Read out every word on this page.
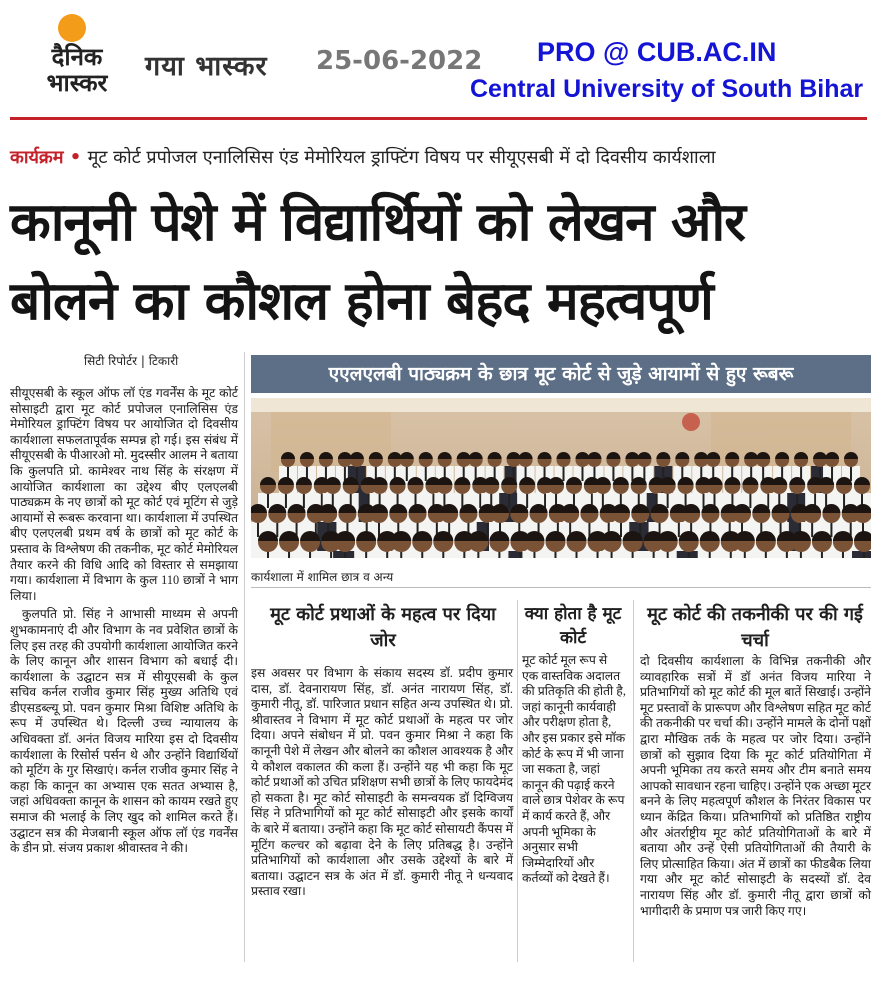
दैनिक
भास्कर
गया भास्कर 25-06-2022 PRO @ CUB.AC.IN
Central University of South Bihar
कार्यक्रम • मूट कोर्ट प्रपोजल एनालिसिस एंड मेमोरियल ड्राफ्टिंग विषय पर सीयूएसबी में दो दिवसीय कार्यशाला
कानूनी पेशे में विद्यार्थियों को लेखन और
बोलने का कौशल होना बेहद महत्वपूर्ण
सिटी रिपोर्टर | टिकारी

सीयूएसबी के स्कूल ऑफ लॉ एंड गवर्नेंस के मूट कोर्ट सोसाइटी द्वारा मूट कोर्ट प्रपोजल एनालिसिस एंड मेमोरियल ड्राफ्टिंग विषय पर आयोजित दो दिवसीय कार्यशाला सफलतापूर्वक सम्पन्न हो गई। इस संबंध में सीयूएसबी के पीआरओ मो. मुदस्सीर आलम ने बताया कि कुलपति प्रो. कामेश्वर नाथ सिंह के संरक्षण में आयोजित कार्यशाला का उद्देश्य बीए एलएलबी पाठ्यक्रम के नए छात्रों को मूट कोर्ट एवं मूटिंग से जुड़े आयामों से रूबरू करवाना था। कार्यशाला में उपस्थित बीए एलएलबी प्रथम वर्ष के छात्रों को मूट कोर्ट के प्रस्ताव के विश्लेषण की तकनीक, मूट कोर्ट मेमोरियल तैयार करने की विधि आदि को विस्तार से समझाया गया। कार्यशाला में विभाग के कुल 110 छात्रों ने भाग लिया।

कुलपति प्रो. सिंह ने आभासी माध्यम से अपनी शुभकामनाएं दी और विभाग के नव प्रवेशित छात्रों के लिए इस तरह की उपयोगी कार्यशाला आयोजित करने के लिए कानून और शासन विभाग को बधाई दी। कार्यशाला के उद्घाटन सत्र में सीयूएसबी के कुल सचिव कर्नल राजीव कुमार सिंह मुख्य अतिथि एवं डीएसडब्ल्यू प्रो. पवन कुमार मिश्रा विशिष्ट अतिथि के रूप में उपस्थित थे। दिल्ली उच्च न्यायालय के अधिवक्ता डॉ. अनंत विजय मारिया इस दो दिवसीय कार्यशाला के रिसोर्स पर्सन थे और उन्होंने विद्यार्थियों को मूटिंग के गुर सिखाएं। कर्नल राजीव कुमार सिंह ने कहा कि कानून का अभ्यास एक सतत अभ्यास है, जहां अधिवक्ता कानून के शासन को कायम रखते हुए समाज की भलाई के लिए खुद को शामिल करते हैं। उद्घाटन सत्र की मेजबानी स्कूल ऑफ लॉ एंड गवर्नेंस के डीन प्रो. संजय प्रकाश श्रीवास्तव ने की।

एएलएलबी पाठ्यक्रम के छात्र मूट कोर्ट से जुड़े आयामों से हुए रूबरू
कार्यशाला में शामिल छात्र व अन्य
मूट कोर्ट प्रथाओं के महत्व पर दिया जोर
क्या होता है मूट कोर्ट
मूट कोर्ट की तकनीकी पर की गई चर्चा

इस अवसर पर विभाग के संकाय सदस्य डॉ. प्रदीप कुमार दास, डॉ. देवनारायण सिंह, डॉ. अनंत नारायण सिंह, डॉ. कुमारी नीतू, डॉ. पारिजात प्रधान सहित अन्य उपस्थित थे। प्रो. श्रीवास्तव ने विभाग में मूट कोर्ट प्रथाओं के महत्व पर जोर दिया। अपने संबोधन में प्रो. पवन कुमार मिश्रा ने कहा कि कानूनी पेशे में लेखन और बोलने का कौशल आवश्यक है और ये कौशल वकालत की कला हैं। उन्होंने यह भी कहा कि मूट कोर्ट प्रथाओं को उचित प्रशिक्षण सभी छात्रों के लिए फायदेमंद हो सकता है। मूट कोर्ट सोसाइटी के समन्वयक डॉ दिग्विजय सिंह ने प्रतिभागियों को मूट कोर्ट सोसाइटी और इसके कार्यों के बारे में बताया। उन्होंने कहा कि मूट कोर्ट सोसायटी कैंपस में मूटिंग कल्चर को बढ़ावा देने के लिए प्रतिबद्ध है। उन्होंने प्रतिभागियों को कार्यशाला और उसके उद्देश्यों के बारे में बताया। उद्घाटन सत्र के अंत में डॉ. कुमारी नीतू ने धन्यवाद प्रस्ताव रखा।

मूट कोर्ट मूल रूप से एक वास्तविक अदालत की प्रतिकृति की होती है, जहां कानूनी कार्यवाही और परीक्षण होता है, और इस प्रकार इसे मॉक कोर्ट के रूप में भी जाना जा सकता है, जहां कानून की पढ़ाई करने वाले छात्र पेशेवर के रूप में कार्य करते हैं, और अपनी भूमिका के अनुसार सभी जिम्मेदारियों और कर्तव्यों को देखते हैं।

दो दिवसीय कार्यशाला के विभिन्न तकनीकी और व्यावहारिक सत्रों में डॉ अनंत विजय मारिया ने प्रतिभागियों को मूट कोर्ट की मूल बातें सिखाई। उन्होंने मूट प्रस्तावों के प्रारूपण और विश्लेषण सहित मूट कोर्ट की तकनीकी पर चर्चा की। उन्होंने मामले के दोनों पक्षों द्वारा मौखिक तर्क के महत्व पर जोर दिया। उन्होंने छात्रों को सुझाव दिया कि मूट कोर्ट प्रतियोगिता में अपनी भूमिका तय करते समय और टीम बनाते समय आपको सावधान रहना चाहिए। उन्होंने एक अच्छा मूटर बनने के लिए महत्वपूर्ण कौशल के निरंतर विकास पर ध्यान केंद्रित किया। प्रतिभागियों को प्रतिष्ठित राष्ट्रीय और अंतर्राष्ट्रीय मूट कोर्ट प्रतियोगिताओं के बारे में बताया और उन्हें ऐसी प्रतियोगिताओं की तैयारी के लिए प्रोत्साहित किया। अंत में छात्रों का फीडबैक लिया गया और मूट कोर्ट सोसाइटी के सदस्यों डॉ. देव नारायण सिंह और डॉ. कुमारी नीतू द्वारा छात्रों को भागीदारी के प्रमाण पत्र जारी किए गए।
